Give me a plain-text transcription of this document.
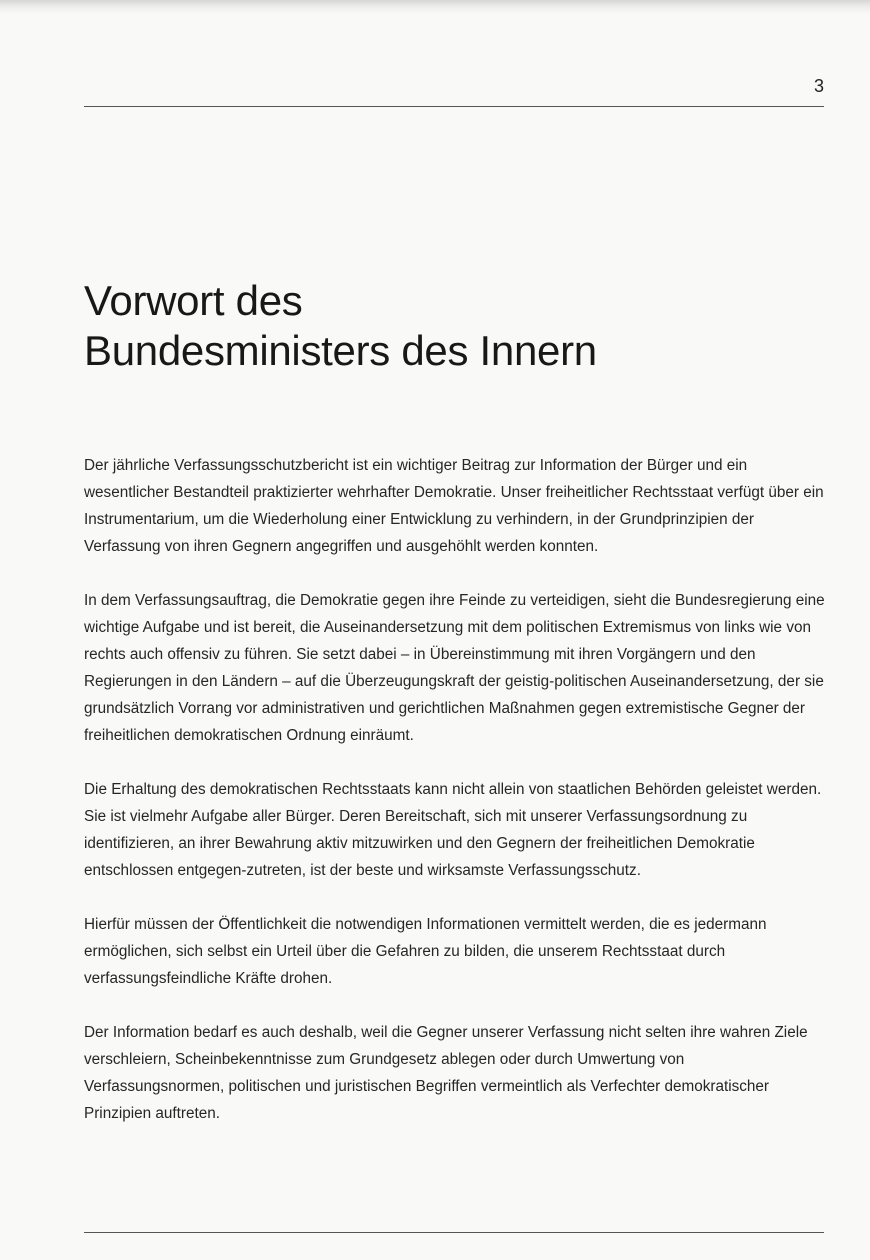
3

Vorwort des
Bundesministers des Innern

Der jährliche Verfassungsschutzbericht ist ein wichtiger Beitrag zur Information der Bürger und ein wesentlicher Bestandteil praktizierter wehrhafter Demokratie. Unser freiheitlicher Rechtsstaat verfügt über ein Instrumentarium, um die Wiederholung einer Entwicklung zu verhindern, in der Grundprinzipien der Verfassung von ihren Gegnern angegriffen und ausgehöhlt werden konnten.

In dem Verfassungsauftrag, die Demokratie gegen ihre Feinde zu verteidigen, sieht die Bundesregierung eine wichtige Aufgabe und ist bereit, die Auseinandersetzung mit dem politischen Extremismus von links wie von rechts auch offensiv zu führen. Sie setzt dabei – in Übereinstimmung mit ihren Vorgängern und den Regierungen in den Ländern – auf die Überzeugungskraft der geistig-politischen Auseinandersetzung, der sie grundsätzlich Vorrang vor administrativen und gerichtlichen Maßnahmen gegen extremistische Gegner der freiheitlichen demokratischen Ordnung einräumt.

Die Erhaltung des demokratischen Rechtsstaats kann nicht allein von staatlichen Behörden geleistet werden. Sie ist vielmehr Aufgabe aller Bürger. Deren Bereitschaft, sich mit unserer Verfassungsordnung zu identifizieren, an ihrer Bewahrung aktiv mitzuwirken und den Gegnern der freiheitlichen Demokratie entschlossen entgegen-zutreten, ist der beste und wirksamste Verfassungsschutz.

Hierfür müssen der Öffentlichkeit die notwendigen Informationen vermittelt werden, die es jedermann ermöglichen, sich selbst ein Urteil über die Gefahren zu bilden, die unserem Rechtsstaat durch verfassungsfeindliche Kräfte drohen.

Der Information bedarf es auch deshalb, weil die Gegner unserer Verfassung nicht selten ihre wahren Ziele verschleiern, Scheinbekenntnisse zum Grundgesetz ablegen oder durch Umwertung von Verfassungsnormen, politischen und juristischen Begriffen vermeintlich als Verfechter demokratischer Prinzipien auftreten.
